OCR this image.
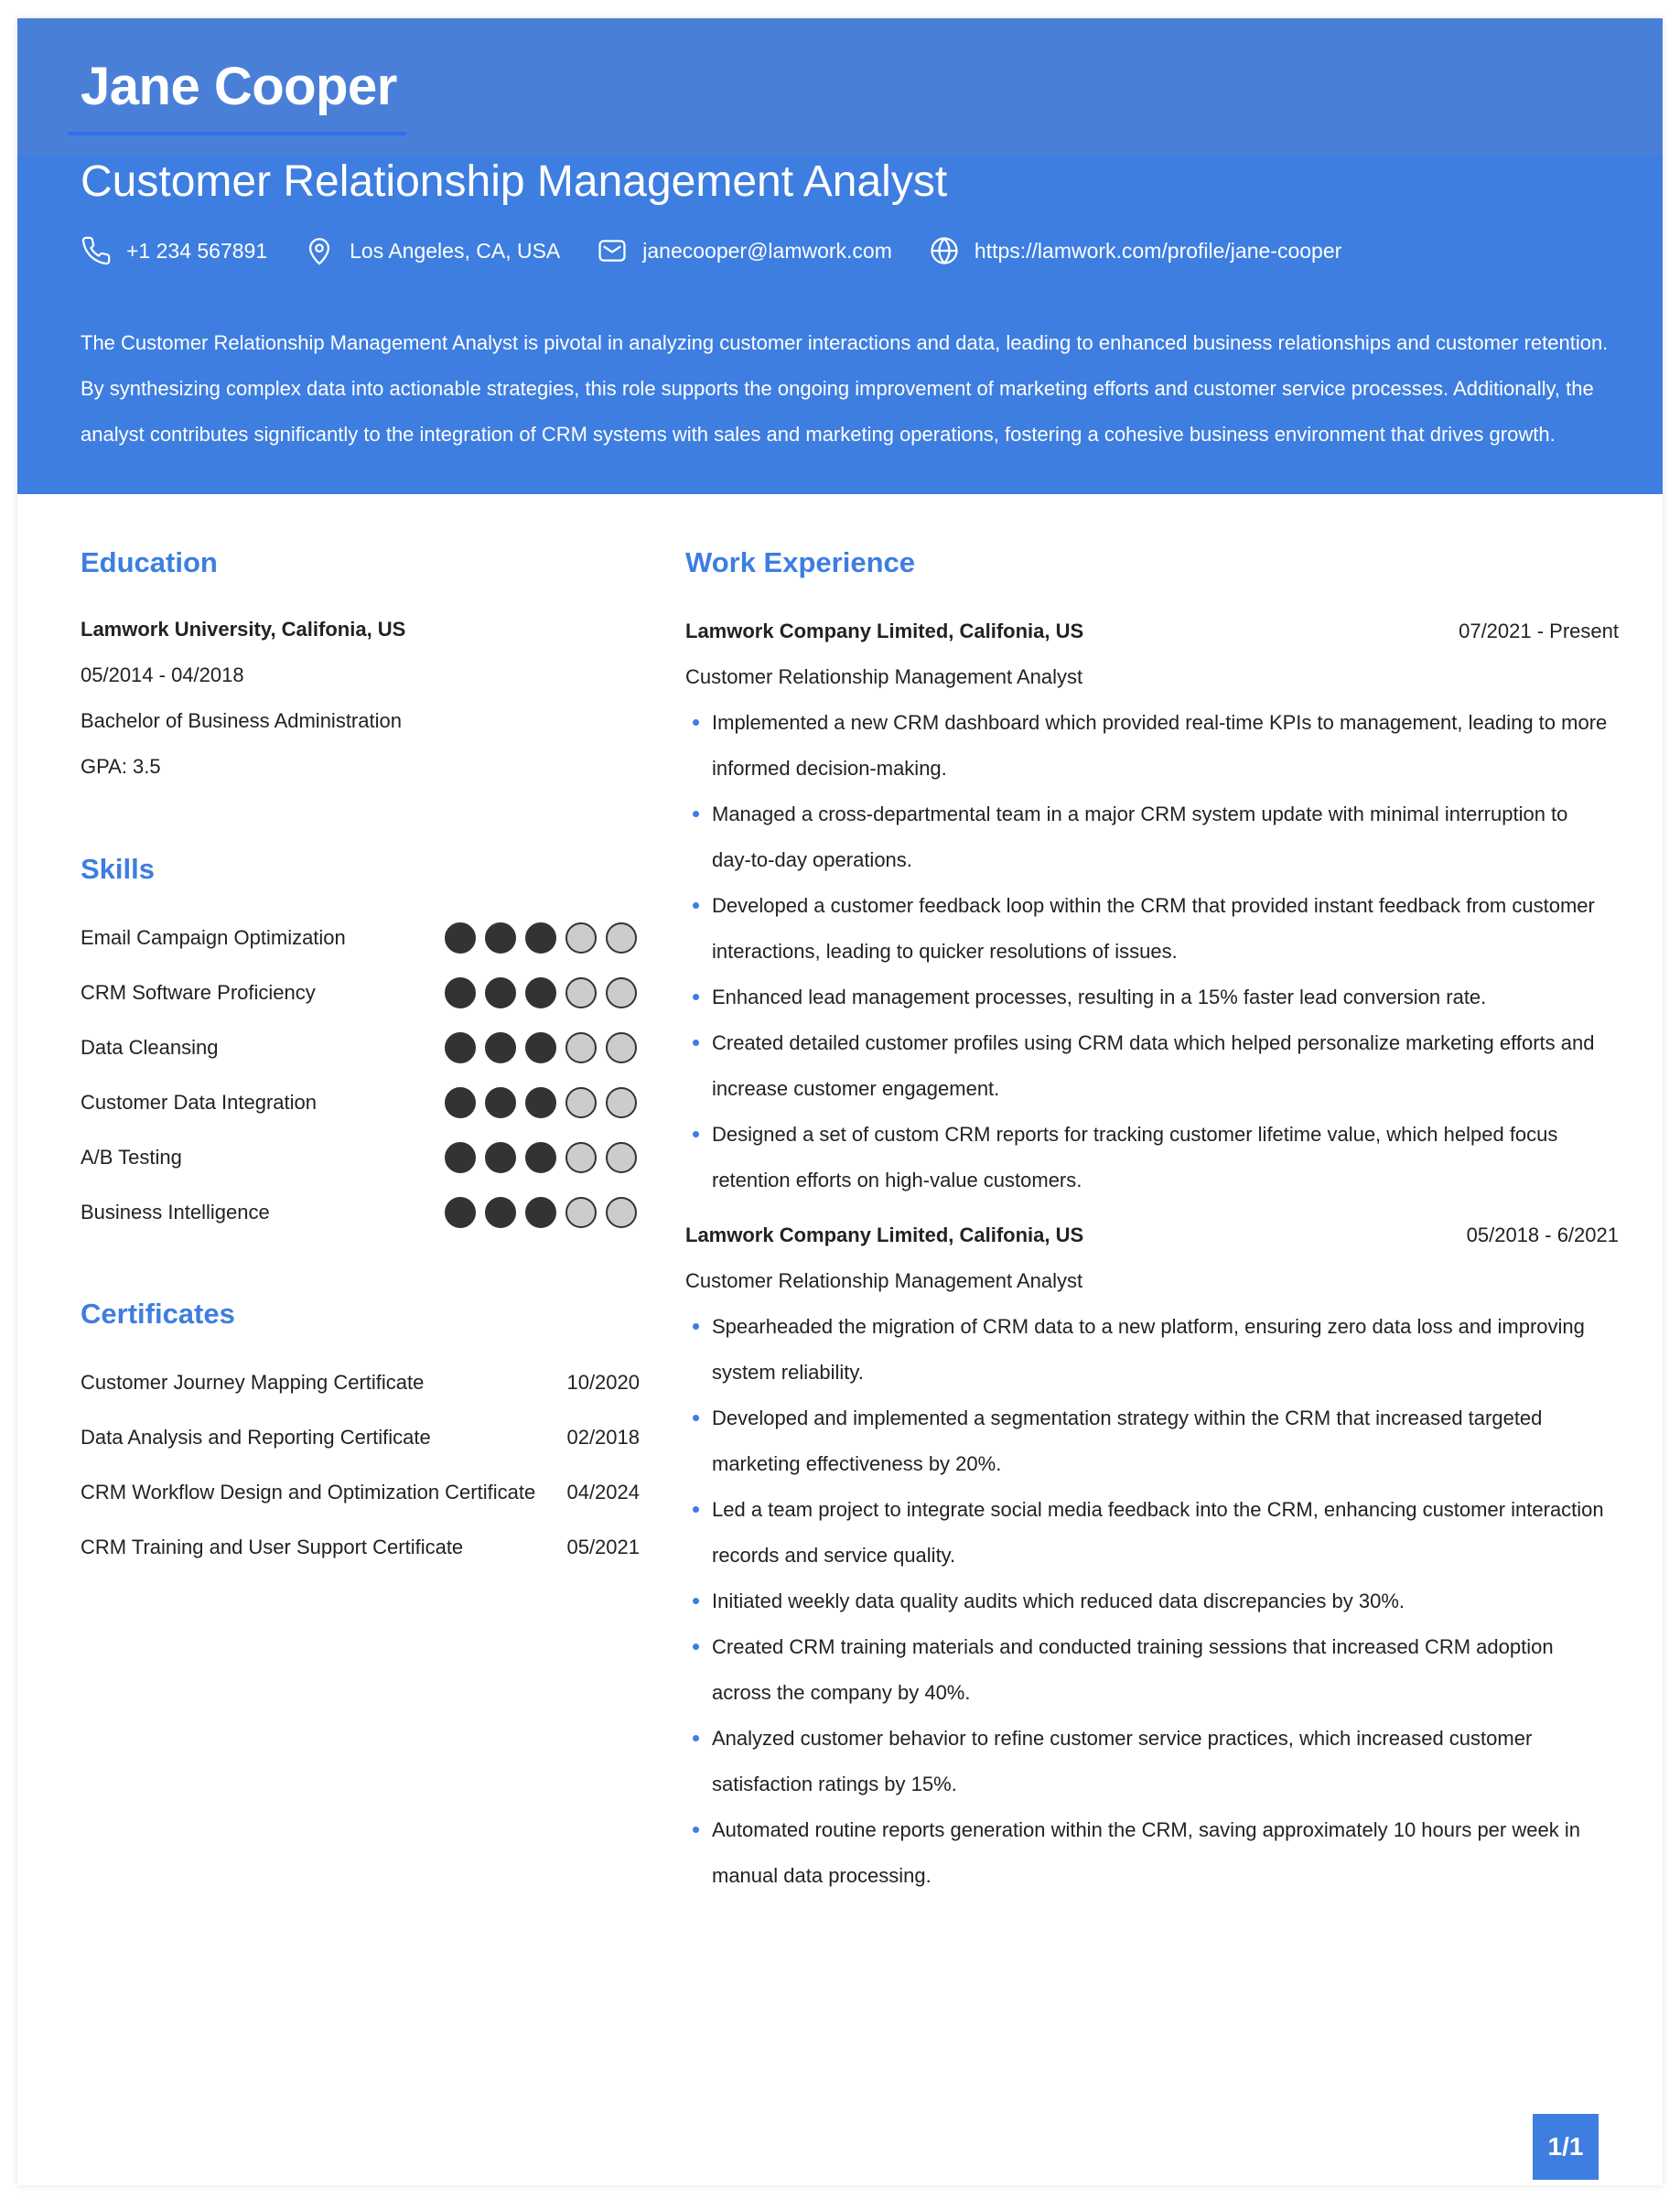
Jane Cooper
Customer Relationship Management Analyst
+1 234 567891	Los Angeles, CA, USA	janecooper@lamwork.com	https://lamwork.com/profile/jane-cooper
The Customer Relationship Management Analyst is pivotal in analyzing customer interactions and data, leading to enhanced business relationships and customer retention. By synthesizing complex data into actionable strategies, this role supports the ongoing improvement of marketing efforts and customer service processes. Additionally, the analyst contributes significantly to the integration of CRM systems with sales and marketing operations, fostering a cohesive business environment that drives growth.
Education
Lamwork University, Califonia, US
05/2014 - 04/2018
Bachelor of Business Administration
GPA: 3.5
Skills
Email Campaign Optimization
CRM Software Proficiency
Data Cleansing
Customer Data Integration
A/B Testing
Business Intelligence
Certificates
Customer Journey Mapping Certificate	10/2020
Data Analysis and Reporting Certificate	02/2018
CRM Workflow Design and Optimization Certificate 04/2024
CRM Training and User Support Certificate	05/2021
Work Experience
Lamwork Company Limited, Califonia, US	07/2021 - Present
Customer Relationship Management Analyst
Implemented a new CRM dashboard which provided real-time KPIs to management, leading to more informed decision-making.
Managed a cross-departmental team in a major CRM system update with minimal interruption to day-to-day operations.
Developed a customer feedback loop within the CRM that provided instant feedback from customer interactions, leading to quicker resolutions of issues.
Enhanced lead management processes, resulting in a 15% faster lead conversion rate.
Created detailed customer profiles using CRM data which helped personalize marketing efforts and increase customer engagement.
Designed a set of custom CRM reports for tracking customer lifetime value, which helped focus retention efforts on high-value customers.
Lamwork Company Limited, Califonia, US	05/2018 - 6/2021
Customer Relationship Management Analyst
Spearheaded the migration of CRM data to a new platform, ensuring zero data loss and improving system reliability.
Developed and implemented a segmentation strategy within the CRM that increased targeted marketing effectiveness by 20%.
Led a team project to integrate social media feedback into the CRM, enhancing customer interaction records and service quality.
Initiated weekly data quality audits which reduced data discrepancies by 30%.
Created CRM training materials and conducted training sessions that increased CRM adoption across the company by 40%.
Analyzed customer behavior to refine customer service practices, which increased customer satisfaction ratings by 15%.
Automated routine reports generation within the CRM, saving approximately 10 hours per week in manual data processing.
1/1
